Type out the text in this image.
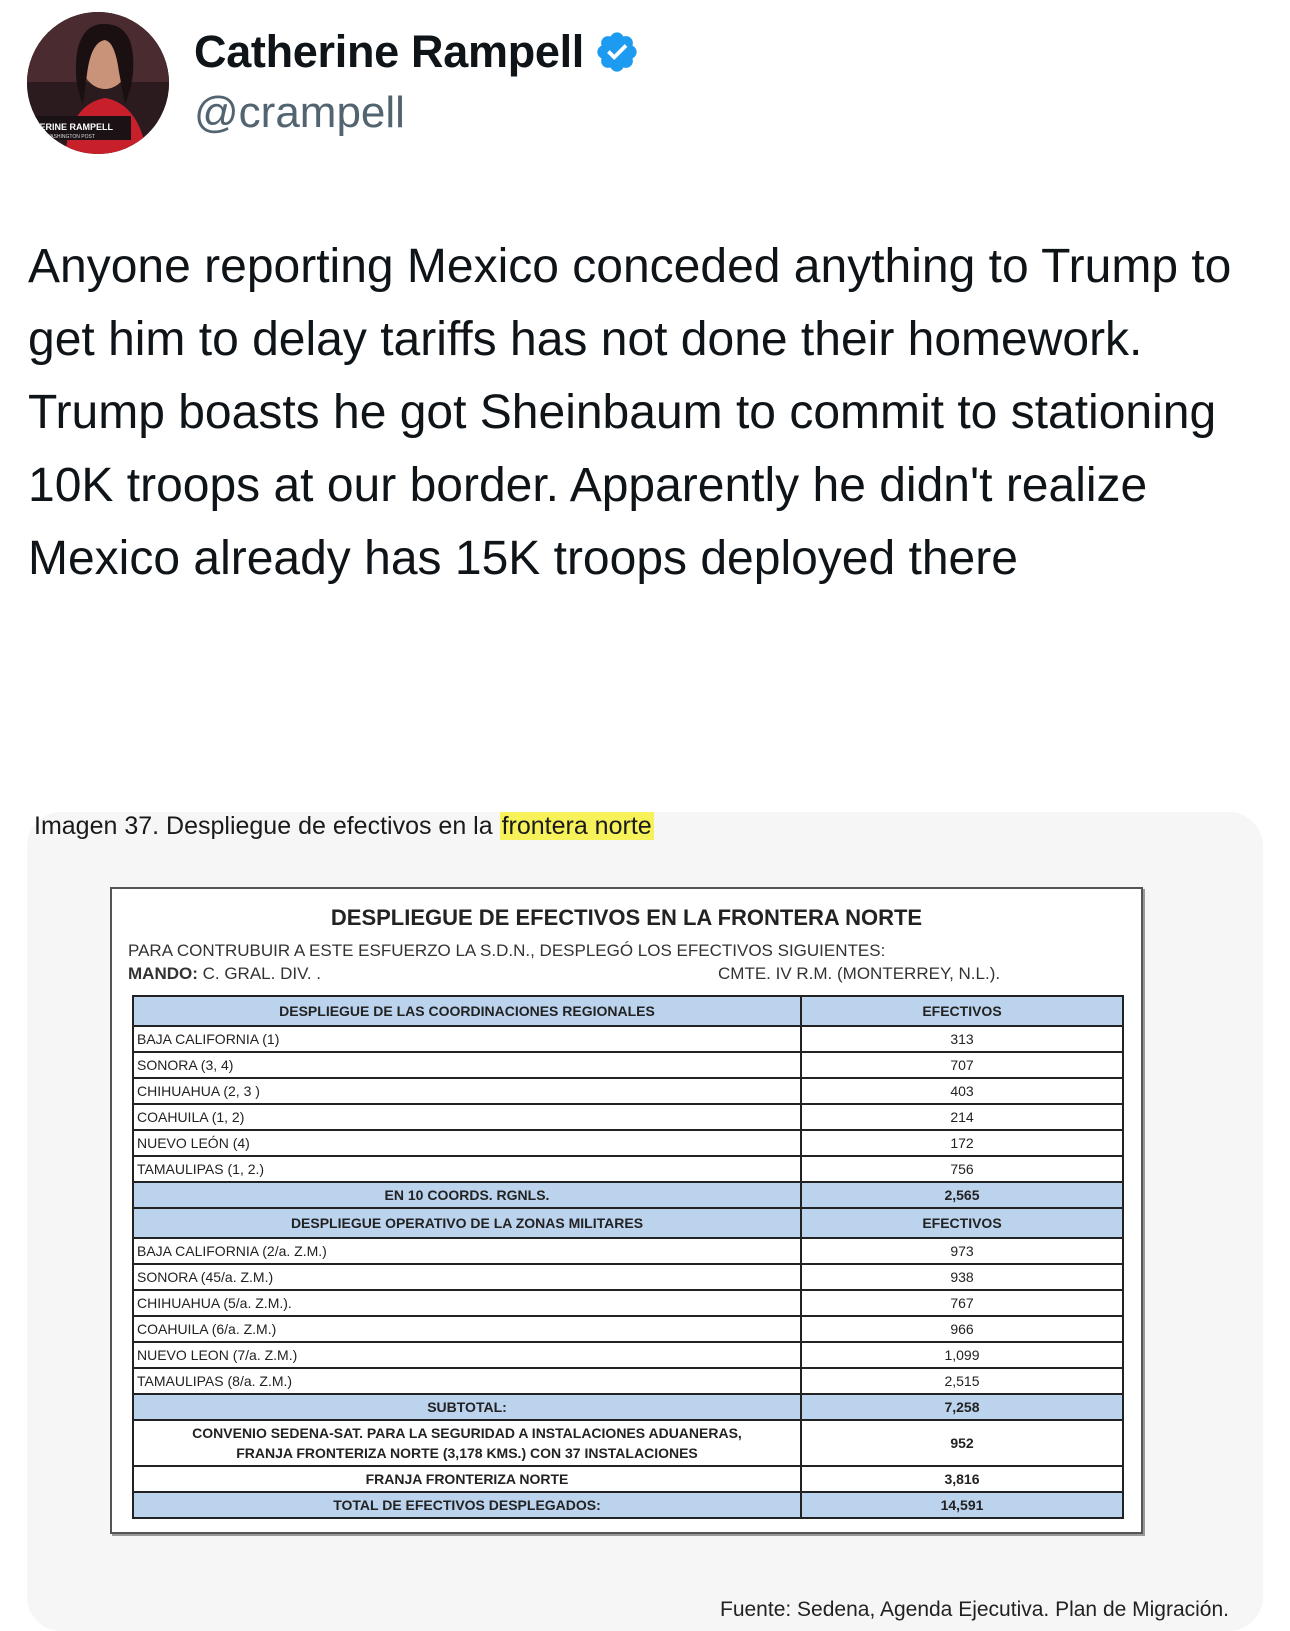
HERINE RAMPELL
E WASHINGTON POST
Catherine Rampell
@crampell

Anyone reporting Mexico conceded anything to Trump to get him to delay tariffs has not done their homework.

Trump boasts he got Sheinbaum to commit to stationing 10K troops at our border. Apparently he didn't realize Mexico already has 15K troops deployed there

Imagen 37. Despliegue de efectivos en la frontera norte
DESPLIEGUE DE EFECTIVOS EN LA FRONTERA NORTE
PARA CONTRUBUIR A ESTE ESFUERZO LA S.D.N., DESPLEGÓ LOS EFECTIVOS SIGUIENTES:
MANDO: C. GRAL. DIV. .	CMTE. IV R.M. (MONTERREY, N.L.).
DESPLIEGUE DE LAS COORDINACIONES REGIONALES	EFECTIVOS
BAJA CALIFORNIA (1)	313
SONORA (3, 4)	707
CHIHUAHUA (2, 3 )	403
COAHUILA (1, 2)	214
NUEVO LEÓN (4)	172
TAMAULIPAS (1, 2.)	756
EN 10 COORDS. RGNLS.	2,565
DESPLIEGUE OPERATIVO DE LA ZONAS MILITARES	EFECTIVOS
BAJA CALIFORNIA (2/a. Z.M.)	973
SONORA (45/a. Z.M.)	938
CHIHUAHUA (5/a. Z.M.).	767
COAHUILA (6/a. Z.M.)	966
NUEVO LEON (7/a. Z.M.)	1,099
TAMAULIPAS (8/a. Z.M.)	2,515
SUBTOTAL:	7,258
CONVENIO SEDENA-SAT. PARA LA SEGURIDAD A INSTALACIONES ADUANERAS,
FRANJA FRONTERIZA NORTE (3,178 KMS.) CON 37 INSTALACIONES	952
FRANJA FRONTERIZA NORTE	3,816
TOTAL DE EFECTIVOS DESPLEGADOS:	14,591
Fuente: Sedena, Agenda Ejecutiva. Plan de Migración.
